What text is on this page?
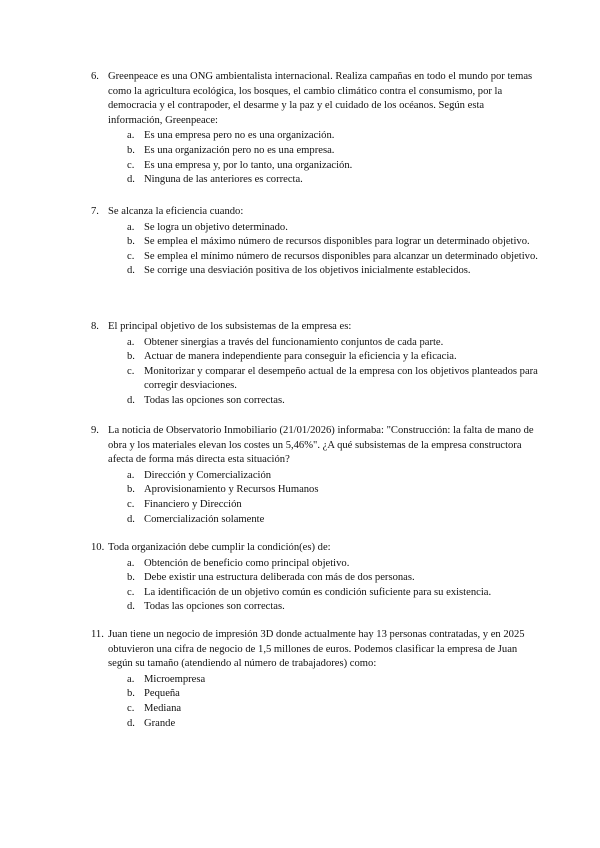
6. Greenpeace es una ONG ambientalista internacional. Realiza campañas en todo el mundo por temas como la agricultura ecológica, los bosques, el cambio climático contra el consumismo, por la democracia y el contrapoder, el desarme y la paz y el cuidado de los océanos. Según esta información, Greenpeace:
a. Es una empresa pero no es una organización.
b. Es una organización pero no es una empresa.
c. Es una empresa y, por lo tanto, una organización.
d. Ninguna de las anteriores es correcta.
7. Se alcanza la eficiencia cuando:
a. Se logra un objetivo determinado.
b. Se emplea el máximo número de recursos disponibles para lograr un determinado objetivo.
c. Se emplea el mínimo número de recursos disponibles para alcanzar un determinado objetivo.
d. Se corrige una desviación positiva de los objetivos inicialmente establecidos.
8. El principal objetivo de los subsistemas de la empresa es:
a. Obtener sinergias a través del funcionamiento conjuntos de cada parte.
b. Actuar de manera independiente para conseguir la eficiencia y la eficacia.
c. Monitorizar y comparar el desempeño actual de la empresa con los objetivos planteados para corregir desviaciones.
d. Todas las opciones son correctas.
9. La noticia de Observatorio Inmobiliario (21/01/2026) informaba: "Construcción: la falta de mano de obra y los materiales elevan los costes un 5,46%". ¿A qué subsistemas de la empresa constructora afecta de forma más directa esta situación?
a. Dirección y Comercialización
b. Aprovisionamiento y Recursos Humanos
c. Financiero y Dirección
d. Comercialización solamente
10. Toda organización debe cumplir la condición(es) de:
a. Obtención de beneficio como principal objetivo.
b. Debe existir una estructura deliberada con más de dos personas.
c. La identificación de un objetivo común es condición suficiente para su existencia.
d. Todas las opciones son correctas.
11. Juan tiene un negocio de impresión 3D donde actualmente hay 13 personas contratadas, y en 2025 obtuvieron una cifra de negocio de 1,5 millones de euros. Podemos clasificar la empresa de Juan según su tamaño (atendiendo al número de trabajadores) como:
a. Microempresa
b. Pequeña
c. Mediana
d. Grande
